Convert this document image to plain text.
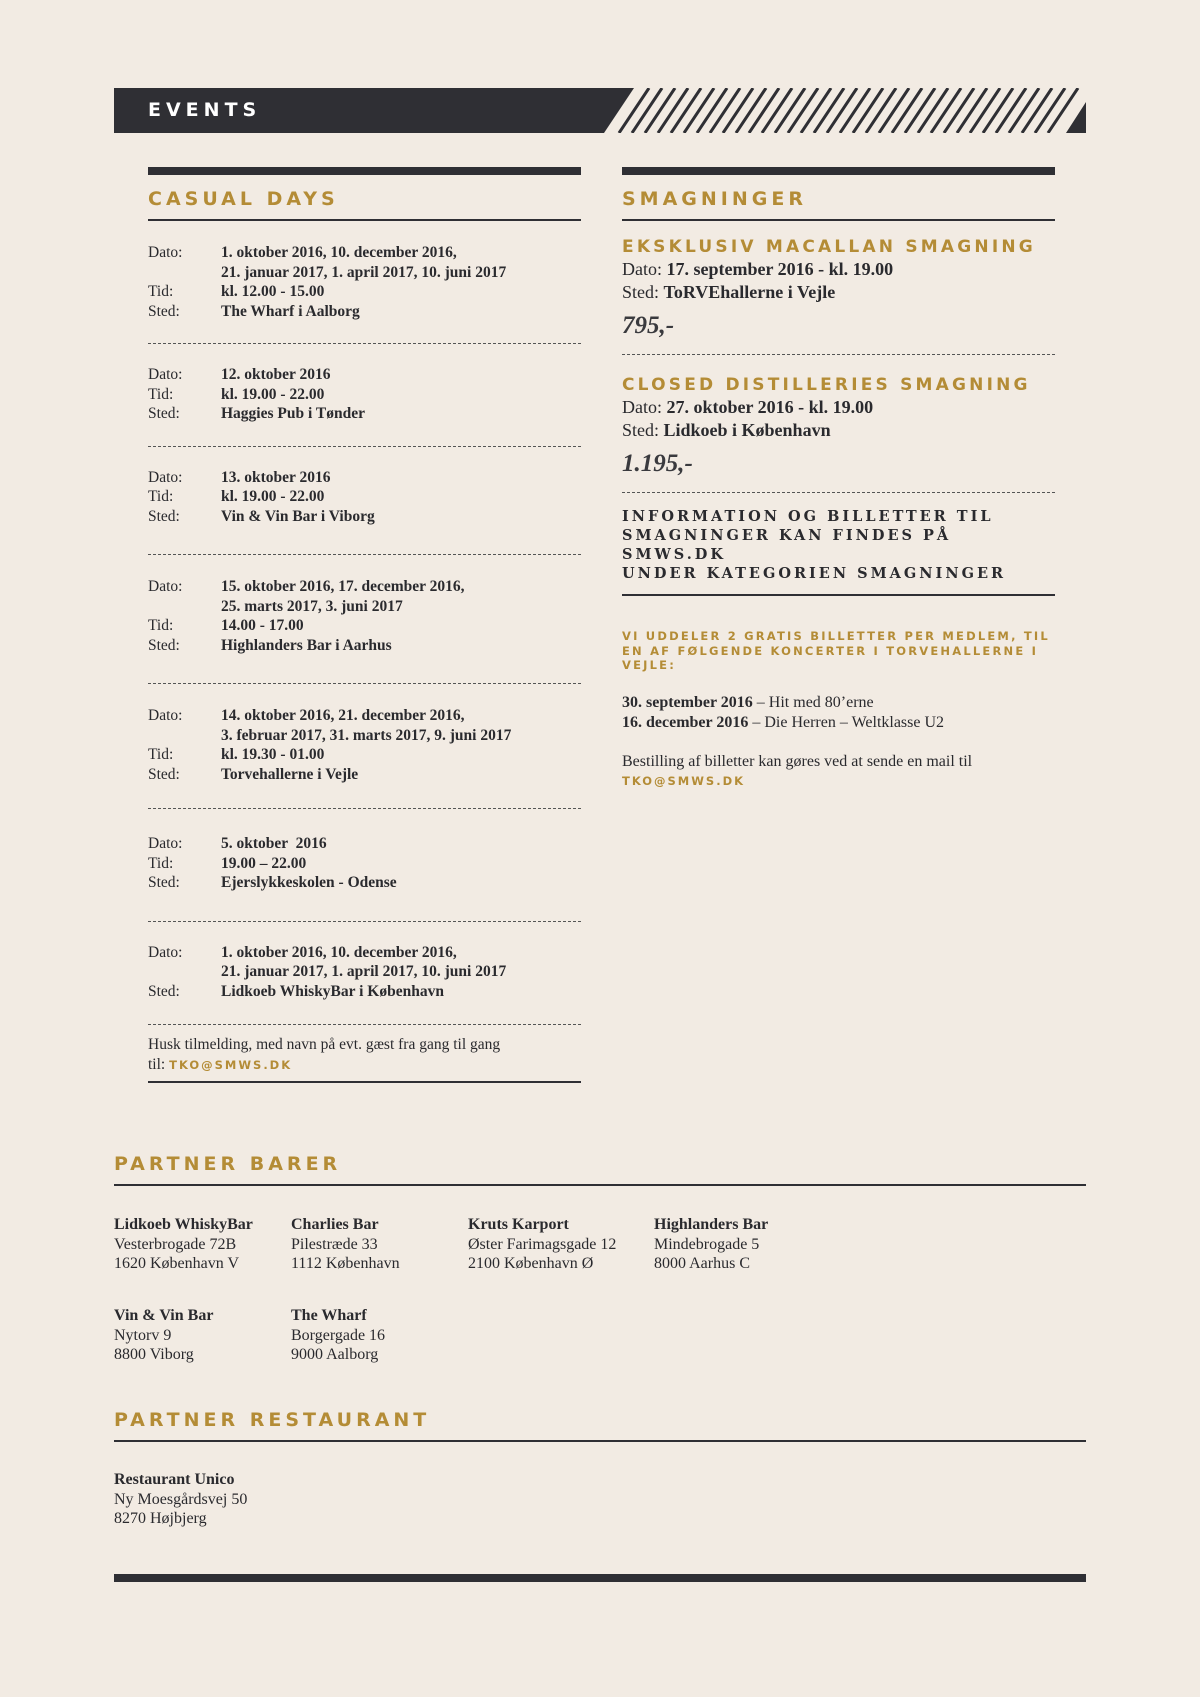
EVENTS
CASUAL DAYS
Dato:	1. oktober 2016, 10. december 2016,
21. januar 2017, 1. april 2017, 10. juni 2017
Tid:	kl. 12.00 - 15.00
Sted:	The Wharf i Aalborg
Dato:	12. oktober 2016
Tid:	kl. 19.00 - 22.00
Sted:	Haggies Pub i Tønder
Dato:	13. oktober 2016
Tid:	kl. 19.00 - 22.00
Sted:	Vin & Vin Bar i Viborg
Dato:	15. oktober 2016, 17. december 2016,
25. marts 2017, 3. juni 2017
Tid:	14.00 - 17.00
Sted:	Highlanders Bar i Aarhus
Dato:	14. oktober 2016, 21. december 2016,
3. februar 2017, 31. marts 2017, 9. juni 2017
Tid:	kl. 19.30 - 01.00
Sted:	Torvehallerne i Vejle
Dato:	5. oktober  2016
Tid:	19.00 – 22.00
Sted:	Ejerslykkeskolen - Odense
Dato:	1. oktober 2016, 10. december 2016,
21. januar 2017, 1. april 2017, 10. juni 2017
Sted:	Lidkoeb WhiskyBar i København
Husk tilmelding, med navn på evt. gæst fra gang til gang
til: TKO@SMWS.DK
SMAGNINGER
EKSKLUSIV MACALLAN SMAGNING
Dato: 17. september 2016 - kl. 19.00
Sted: ToRVEhallerne i Vejle
795,-
CLOSED DISTILLERIES SMAGNING
Dato: 27. oktober 2016 - kl. 19.00
Sted: Lidkoeb i København
1.195,-
INFORMATION OG BILLETTER TIL
SMAGNINGER KAN FINDES PÅ SMWS.DK
UNDER KATEGORIEN SMAGNINGER
VI UDDELER 2 GRATIS BILLETTER PER MEDLEM, TIL
EN AF FØLGENDE KONCERTER I TORVEHALLERNE I
VEJLE:
30. september 2016 – Hit med 80’erne
16. december 2016 – Die Herren – Weltklasse U2
Bestilling af billetter kan gøres ved at sende en mail til
TKO@SMWS.DK
PARTNER BARER
Lidkoeb WhiskyBar
Vesterbrogade 72B
1620 København V
Charlies Bar
Pilestræde 33
1112 København
Kruts Karport
Øster Farimagsgade 12
2100 København Ø
Highlanders Bar
Mindebrogade 5
8000 Aarhus C
Vin & Vin Bar
Nytorv 9
8800 Viborg
The Wharf
Borgergade 16
9000 Aalborg
PARTNER RESTAURANT
Restaurant Unico
Ny Moesgårdsvej 50
8270 Højbjerg
